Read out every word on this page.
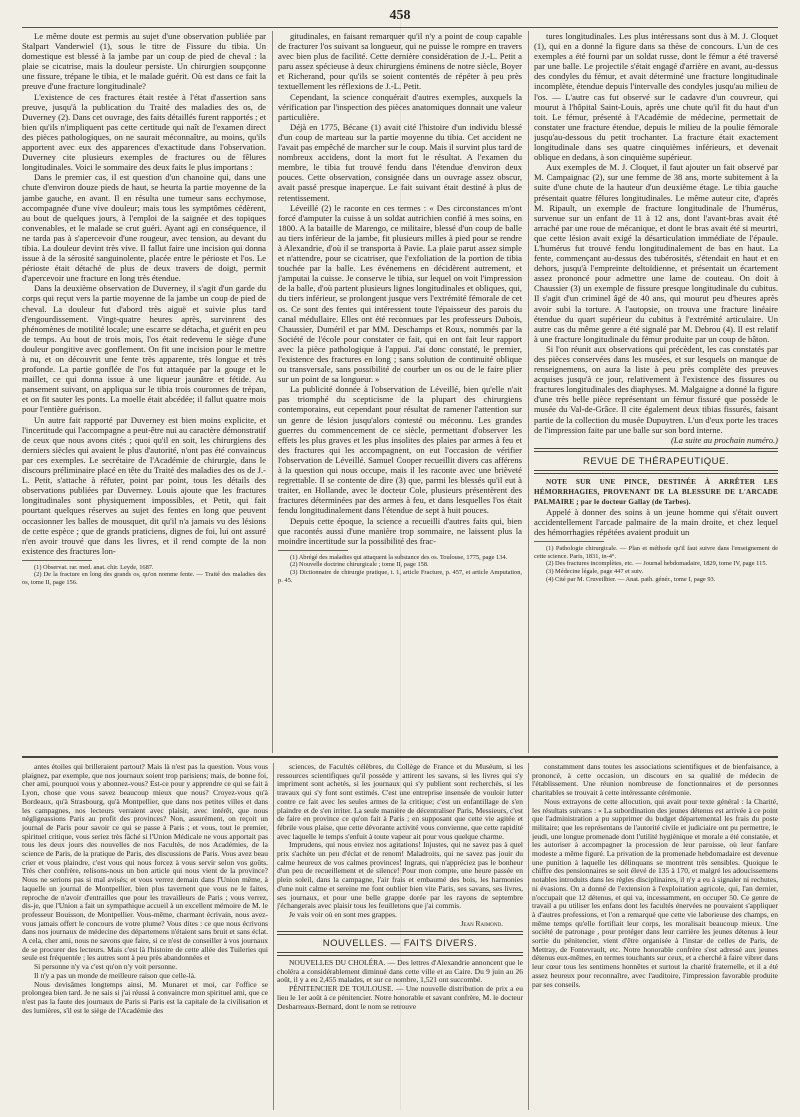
458

Le même doute est permis au sujet d'une observation publiée par Stalpart Vanderwiel (1), sous le titre de Fissure du tibia. Un domestique est blessé à la jambe par un coup de pied de cheval : la plaie se cicatrise, mais la douleur persiste. Un chirurgien soupçonne une fissure, trépane le tibia, et le malade guérit. Où est dans ce fait la preuve d'une fracture longitudinale?

L'existence de ces fractures était restée à l'état d'assertion sans preuve, jusqu'à la publication du Traité des maladies des os, de Duverney (2). Dans cet ouvrage, des faits détaillés furent rapportés ; et bien qu'ils n'impliquent pas cette certitude qui naît de l'examen direct des pièces pathologiques, on ne saurait méconnaître, au moins, qu'ils apportent avec eux des apparences d'exactitude dans l'observation. Duverney cite plusieurs exemples de fractures ou de fêlures longitudinales. Voici le sommaire des deux faits le plus importans :

Dans le premier cas, il est question d'un chanoine qui, dans une chute d'environ douze pieds de haut, se heurta la partie moyenne de la jambe gauche, en avant. Il en résulta une tumeur sans ecchymose, accompagnée d'une vive douleur; mais tous les symptômes cédèrent, au bout de quelques jours, à l'emploi de la saignée et des topiques convenables, et le malade se crut guéri. Ayant agi en conséquence, il ne tarda pas à s'apercevoir d'une rougeur, avec tension, au devant du tibia. La douleur devint très vive. Il fallut faire une incision qui donna issue à de la sérosité sanguinolente, placée entre le périoste et l'os. Le périoste était détaché de plus de deux travers de doigt, permit d'apercevoir une fracture en long très étendue.

Dans la deuxième observation de Duverney, il s'agit d'un garde du corps qui reçut vers la partie moyenne de la jambe un coup de pied de cheval. La douleur fut d'abord très aiguë et suivie plus tard d'engourdissement. Vingt-quatre heures après, survinrent des phénomènes de motilité locale; une escarre se détacha, et guérit en peu de temps. Au bout de trois mois, l'os était redevenu le siège d'une douleur pongitive avec gonflement. On fit une incision pour le mettre à nu, et on découvrit une fente très apparente, très longue et très profonde. La partie gonflée de l'os fut attaquée par la gouge et le maillet, ce qui donna issue à une liqueur jaunâtre et fétide. Au pansement suivant, on appliqua sur le tibia trois couronnes de trépan, et on fit sauter les ponts. La moelle était abcédée; il fallut quatre mois pour l'entière guérison.

Un autre fait rapporté par Duverney est bien moins explicite, et l'incertitude qui l'accompagne a peut-être nui au caractère démonstratif de ceux que nous avons cités ; quoi qu'il en soit, les chirurgiens des derniers siècles qui avaient le plus d'autorité, n'ont pas été convaincus par ces exemples. Le secrétaire de l'Académie de chirurgie, dans le discours préliminaire placé en tête du Traité des maladies des os de J.-L. Petit, s'attache à réfuter, point par point, tous les détails des observations publiées par Duverney. Louis ajoute que les fractures longitudinales sont physiquement impossibles, et Petit, qui fait pourtant quelques réserves au sujet des fentes en long que peuvent occasionner les balles de mousquet, dit qu'il n'a jamais vu des lésions de cette espèce ; que de grands praticiens, dignes de foi, lui ont assuré n'en avoir trouvé que dans les livres, et il rend compte de la non existence des fractures lon-

(1) Observat. rar. med. anat. chir. Leyde, 1687.

(2) De la fracture en long des grands os, qu'on nomme fente. — Traité des maladies des os, tome II, page 156.

gitudinales, en faisant remarquer qu'il n'y a point de coup capable de fracturer l'os suivant sa longueur, qui ne puisse le rompre en travers avec bien plus de facilité. Cette dernière considération de J.-L. Petit a paru assez spécieuse à deux chirurgiens éminens de notre siècle, Boyer et Richerand, pour qu'ils se soient contentés de répéter à peu près textuellement les réflexions de J.-L. Petit.

Cependant, la science conquérait d'autres exemples, auxquels la vérification par l'inspection des pièces anatomiques donnait une valeur particulière.

Déjà en 1775, Bécane (1) avait cité l'histoire d'un individu blessé d'un coup de marteau sur la partie moyenne du tibia. Cet accident ne l'avait pas empêché de marcher sur le coup. Mais il survint plus tard de nombreux accidens, dont la mort fut le résultat. A l'examen du membre, le tibia fut trouvé fendu dans l'étendue d'environ deux pouces. Cette observation, consignée dans un ouvrage assez obscur, avait passé presque inaperçue. Le fait suivant était destiné à plus de retentissement.

Léveillé (2) le raconte en ces termes : « Des circonstances m'ont forcé d'amputer la cuisse à un soldat autrichien confié à mes soins, en 1800. A la bataille de Marengo, ce militaire, blessé d'un coup de balle au tiers inférieur de la jambe, fit plusieurs milles à pied pour se rendre à Alexandrie, d'où il se transporta à Pavie. La plaie parut assez simple et n'attendre, pour se cicatriser, que l'exfoliation de la portion de tibia touchée par la balle. Les événemens en décidèrent autrement, et j'amputai la cuisse. Je conserve le tibia, sur lequel on voit l'impression de la balle, d'où partent plusieurs lignes longitudinales et obliques, qui, du tiers inférieur, se prolongent jusque vers l'extrémité fémorale de cet os. Ce sont des fentes qui intéressent toute l'épaisseur des parois du canal médullaire. Elles ont été reconnues par les professeurs Dubois, Chaussier, Duméril et par MM. Deschamps et Roux, nommés par la Société de l'école pour constater ce fait, qui en ont fait leur rapport avec la pièce pathologique à l'appui. J'ai donc constaté, le premier, l'existence des fractures en long ; sans solution de continuité oblique ou transversale, sans possibilité de courber un os ou de le faire plier sur un point de sa longueur. »

La publicité donnée à l'observation de Léveillé, bien qu'elle n'ait pas triomphé du scepticisme de la plupart des chirurgiens contemporains, eut cependant pour résultat de ramener l'attention sur un genre de lésion jusqu'alors contesté ou méconnu. Les grandes guerres du commencement de ce siècle, permettant d'observer les effets les plus graves et les plus insolites des plaies par armes à feu et des fractures qui les accompagnent, on eut l'occasion de vérifier l'observation de Léveillé. Samuel Cooper recueillit divers cas afférens à la question qui nous occupe, mais il les raconte avec une brièveté regrettable. Il se contente de dire (3) que, parmi les blessés qu'il eut à traiter, en Hollande, avec le docteur Cole, plusieurs présentèrent des fractures déterminées par des armes à feu, et dans lesquelles l'os était fendu longitudinalement dans l'étendue de sept à huit pouces.

Depuis cette époque, la science a recueilli d'autres faits qui, bien que racontés aussi d'une manière trop sommaire, ne laissent plus la moindre incertitude sur la possibilité des frac-

(1) Abrégé des maladies qui attaquent la substance des os. Toulouse, 1775, page 134.

(2) Nouvelle doctrine chirurgicale ; tome II, page 158.

(3) Dictionnaire de chirurgie pratique, t. 1, article Fracture, p. 457, et article Amputation, p. 45.

tures longitudinales. Les plus intéressans sont dus à M. J. Cloquet (1), qui en a donné la figure dans sa thèse de concours. L'un de ces exemples a été fourni par un soldat russe, dont le fémur a été traversé par une balle. Le projectile s'était engagé d'arrière en avant, au-dessus des condyles du fémur, et avait déterminé une fracture longitudinale incomplète, étendue depuis l'intervalle des condyles jusqu'au milieu de l'os. — L'autre cas fut observé sur le cadavre d'un couvreur, qui mourut à l'hôpital Saint-Louis, après une chute qu'il fit du haut d'un toit. Le fémur, présenté à l'Académie de médecine, permettait de constater une fracture étendue, depuis le milieu de la poulie fémorale jusqu'au-dessous du petit trochanter. La fracture était exactement longitudinale dans ses quatre cinquièmes inférieurs, et devenait oblique en dedans, à son cinquième supérieur.

Aux exemples de M. J. Cloquet, il faut ajouter un fait observé par M. Campaignac (2), sur une femme de 38 ans, morte subitement à la suite d'une chute de la hauteur d'un deuxième étage. Le tibia gauche présentait quatre fêlures longitudinales. Le même auteur cite, d'après M. Ripault, un exemple de fracture longitudinale de l'humérus, survenue sur un enfant de 11 à 12 ans, dont l'avant-bras avait été arraché par une roue de mécanique, et dont le bras avait été si meurtri, que cette lésion avait exigé la désarticulation immédiate de l'épaule. L'humérus fut trouvé fendu longitudinalement de bas en haut. La fente, commençant au-dessus des tubérosités, s'étendait en haut et en dehors, jusqu'à l'empreinte deltoïdienne, et présentait un écartement assez prononcé pour admettre une lame de couteau. On doit à Chaussier (3) un exemple de fissure presque longitudinale du cubitus. Il s'agit d'un criminel âgé de 40 ans, qui mourut peu d'heures après avoir subi la torture. A l'autopsie, on trouva une fracture linéaire étendue du quart supérieur du cubitus à l'extrémité articulaire. Un autre cas du même genre a été signalé par M. Debrou (4). Il est relatif à une fracture longitudinale du fémur produite par un coup de bâton.

Si l'on réunit aux observations qui précèdent, les cas constatés par des pièces conservées dans les musées, et sur lesquels on manque de renseignemens, on aura la liste à peu près complète des preuves acquises jusqu'à ce jour, relativement à l'existence des fissures ou fractures longitudinales des diaphyses. M. Malgaigne a donné la figure d'une très belle pièce représentant un fémur fissuré que possède le musée du Val-de-Grâce. Il cite également deux tibias fissurés, faisant partie de la collection du musée Dupuytren. L'un d'eux porte les traces de l'impression faite par une balle sur son bord interne.

(La suite au prochain numéro.)

REVUE DE THÉRAPEUTIQUE.

NOTE SUR UNE PINCE, DESTINÉE À ARRÊTER LES HÉMORRHAGIES, PROVENANT DE LA BLESSURE DE L'ARCADE PALMAIRE ; par le docteur Gallay (de Tarbes).

Appelé à donner des soins à un jeune homme qui s'était ouvert accidentellement l'arcade palmaire de la main droite, et chez lequel des hémorrhagies répétées avaient produit un

(1) Pathologie chirurgicale. — Plan et méthode qu'il faut suivre dans l'enseignement de cette science. Paris, 1831, in-4°.

(2) Des fractures incomplètes, etc. — Journal hebdomadaire, 1829, tome IV, page 115.

(3) Médecine légale, page 447 et suiv.

(4) Cité par M. Cruveilhier. — Anat. path. génér., tome I, page 93.

antes étoiles qui brilleraient partout? Mais là n'est pas la question. Vous vous plaignez, par exemple, que nos journaux soient trop parisiens; mais, de bonne foi, cher ami, pourquoi vous y abonnez-vous? Est-ce pour y apprendre ce qui se fait à Lyon, chose que vous savez beaucoup mieux que nous? Croyez-vous qu'à Bordeaux, qu'à Strasbourg, qu'à Montpellier, que dans nos petites villes et dans les campagnes, nos lecteurs verraient avec plaisir, avec intérêt, que nous négligeassions Paris au profit des provinces? Non, assurément, on reçoit un journal de Paris pour savoir ce qui se passe à Paris ; et vous, tout le premier, spirituel critique, vous seriez très fâché si l'Union Médicale ne vous apportait pas tous les deux jours des nouvelles de nos Facultés, de nos Académies, de la science de Paris, de la pratique de Paris, des discussions de Paris. Vous avez beau crier et vous plaindre, c'est vous qui nous forcez à vous servir selon vos goûts. Très cher confrère, relisons-nous un bon article qui nous vient de la province? Nous ne serions pas si mal avisés; et vous verrez demain dans l'Union même, à laquelle un journal de Montpellier, bien plus tavernent que vous ne le faites, reproche de n'avoir d'entrailles que pour les travailleurs de Paris ; vous verrez, dis-je, que l'Union a fait un sympathique accueil à un excellent mémoire de M. le professeur Bouisson, de Montpellier. Vous-même, charmant écrivain, nous avez-vous jamais offert le concours de votre plume? Vous dites : ce que nous écrivons dans nos journaux de médecine des départemens n'étaient sans bruit et sans éclat. A cela, cher ami, nous ne savons que faire, si ce n'est de conseiller à vos journaux de se procurer des lecteurs. Mais c'est là l'histoire de cette allée des Tuileries qui seule est fréquentée ; les autres sont à peu près abandonnées et

Si personne n'y va c'est qu'on n'y voit personne.

Il n'y a pas un monde de meilleure raison que celle-là.

Nous devisâmes longtemps ainsi, M. Munaret et moi, car l'office se prolongea bien tard. Je ne sais si j'ai réussi à convaincre mon spirituel ami, que ce n'est pas la faute des journaux de Paris si Paris est la capitale de la civilisation et des lumières, s'il est le siège de l'Académie des

sciences, de Facultés célèbres, du Collège de France et du Muséum, si les ressources scientifiques qu'il possède y attirent les savans, si les livres qui s'y impriment sont achetés, si les journaux qui s'y publient sont recherchés, si les travaux qui s'y font sont estimés. C'est une entreprise insensée de vouloir lutter contre ce fait avec les seules armes de la critique; c'est un enfantillage de s'en plaindre et de s'en irriter. La seule manière de décentraliser Paris, Messieurs, c'est de faire en province ce qu'on fait à Paris ; en supposant que cette vie agitée et fébrile vous plaise, que cette dévorante activité vous convienne, que cette rapidité avec laquelle le temps s'enfuit à toute vapeur ait pour vous quelque charme.

Imprudens, qui nous enviez nos agitations! Injustes, qui ne savez pas à quel prix s'achète un peu d'éclat et de renom! Maladroits, qui ne savez pas jouir du calme heureux de vos calmes provinces! Ingrats, qui n'appréciez pas le bonheur d'un peu de recueillement et de silence! Pour mon compte, une heure passée en plein soleil, dans la campagne, l'air frais et embaumé des bois, les harmonies d'une nuit calme et sereine me font oublier bien vite Paris, ses savans, ses livres, ses journaux, et pour une belle grappe dorée par les rayons de septembre j'échangerais avec plaisir tous les feuilletons que j'ai commis.

Je vais voir où en sont mes grappes.

Jean Raimond.

NOUVELLES. — FAITS DIVERS.

NOUVELLES DU CHOLÉRA. — Des lettres d'Alexandrie annoncent que le choléra a considérablement diminué dans cette ville et au Caire. Du 9 juin au 26 août, il y a eu 2,455 malades, et sur ce nombre, 1,521 ont succombé.

PÉNITENCIER DE TOULOUSE. — Une nouvelle distribution de prix a eu lieu le 1er août à ce pénitencier. Notre honorable et savant confrère, M. le docteur Desbarreaux-Bernard, dont le nom se retrouve

constamment dans toutes les associations scientifiques et de bienfaisance, a prononcé, à cette occasion, un discours en sa qualité de médecin de l'établissement. Une réunion nombreuse de fonctionnaires et de personnes charitables se trouvait à cette intéressante cérémonie.

Nous extrayons de cette allocution, qui avait pour texte général : la Charité, les résultats suivans : « La subordination des jeunes détenus est arrivée à ce point que l'administration a pu supprimer du budget départemental les frais du poste militaire; que les représentans de l'autorité civile et judiciaire ont pu permettre, le jeudi, une longue promenade dont l'utilité hygiénique et morale a été constatée, et les autoriser à accompagner la procession de leur paroisse, où leur fanfare modeste a même figuré. La privation de la promenade hebdomadaire est devenue une punition à laquelle les délinquans se montrent très sensibles. Quoique le chiffre des pensionnaires se soit élevé de 135 à 170, et malgré les adoucissemens notables introduits dans les règles disciplinaires, il n'y a eu à signaler ni rechutes, ni évasions. On a donné de l'extension à l'exploitation agricole, qui, l'an dernier, n'occupait que 12 détenus, et qui va, incessamment, en occuper 50. Ce genre de travail a pu utiliser les enfans dont les facultés énervées ne pouvaient s'appliquer à d'autres professions, et l'on a remarqué que cette vie laborieuse des champs, en même temps qu'elle fortifiait leur corps, les moralisait beaucoup mieux. Une société de patronage , pour protéger dans leur carrière les jeunes détenus à leur sortie du pénitencier, vient d'être organisée à l'instar de celles de Paris, de Mettray, de Fontevrault, etc. Notre honorable confrère s'est adressé aux jeunes détenus eux-mêmes, en termes touchants sur ceux, et a cherché à faire vibrer dans leur cœur tous les sentimens honnêtes et surtout la charité fraternelle, et il a été assez heureux pour reconnaître, avec l'auditoire, l'impression favorable produite par ses conseils.
